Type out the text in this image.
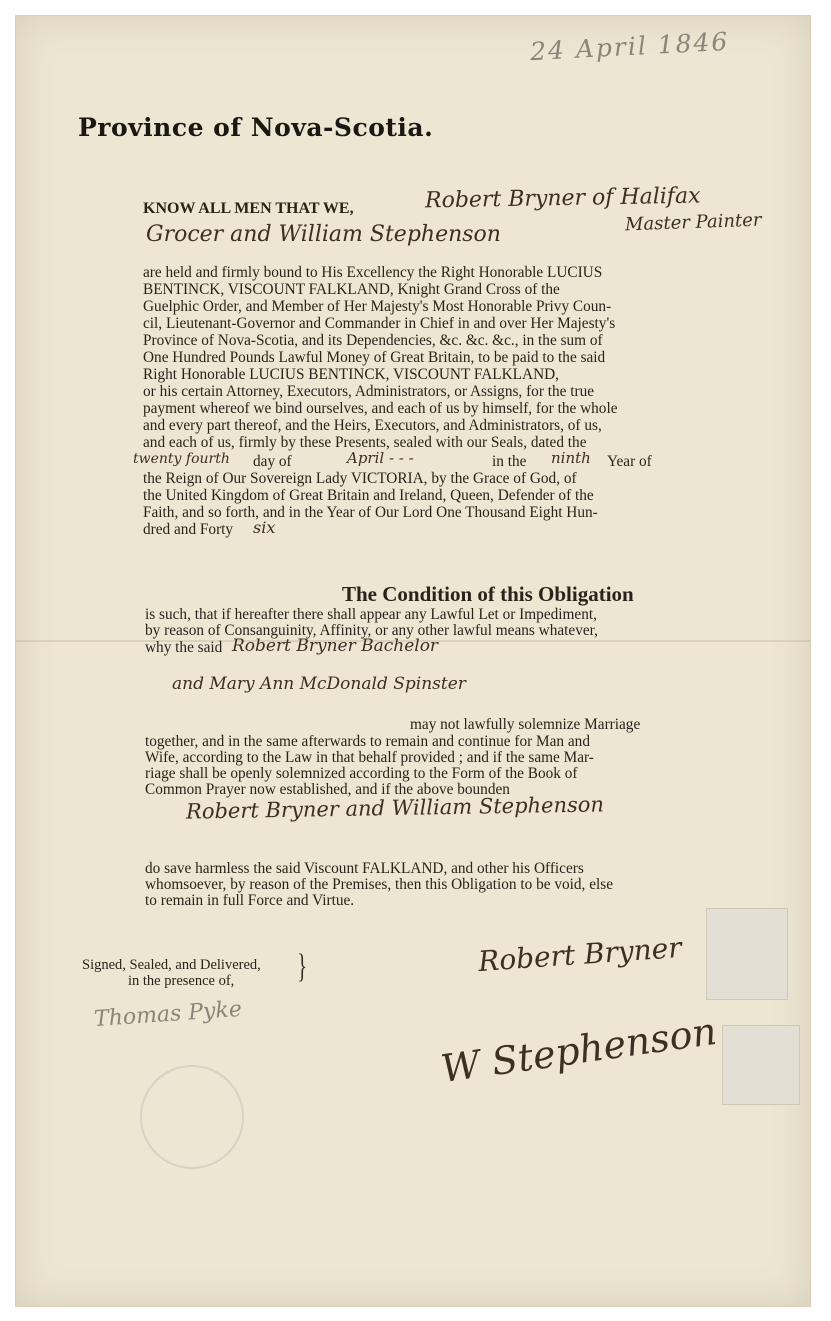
24 April 1846
Province of Nova-Scotia.
KNOW ALL MEN THAT WE,	Robert Bryner of Halifax
Grocer and William Stephenson	Master Painter
are held and firmly bound to His Excellency the Right Honorable LUCIUS
BENTINCK, VISCOUNT FALKLAND, Knight Grand Cross of the
Guelphic Order, and Member of Her Majesty's Most Honorable Privy Coun-
cil, Lieutenant-Governor and Commander in Chief in and over Her Majesty's
Province of Nova-Scotia, and its Dependencies, &c. &c. &c., in the sum of
One Hundred Pounds Lawful Money of Great Britain, to be paid to the said
Right Honorable LUCIUS BENTINCK, VISCOUNT FALKLAND,
or his certain Attorney, Executors, Administrators, or Assigns, for the true
payment whereof we bind ourselves, and each of us by himself, for the whole
and every part thereof, and the Heirs, Executors, and Administrators, of us,
and each of us, firmly by these Presents, sealed with our Seals, dated the
twenty fourth day of	April - - -	in the ninth Year of
the Reign of Our Sovereign Lady VICTORIA, by the Grace of God, of
the United Kingdom of Great Britain and Ireland, Queen, Defender of the
Faith, and so forth, and in the Year of Our Lord One Thousand Eight Hun-
dred and Forty six
The Condition of this Obligation
is such, that if hereafter there shall appear any Lawful Let or Impediment,
by reason of Consanguinity, Affinity, or any other lawful means whatever,
why the said Robert Bryner Bachelor
and Mary Ann McDonald Spinster
may not lawfully solemnize Marriage
together, and in the same afterwards to remain and continue for Man and
Wife, according to the Law in that behalf provided ; and if the same Mar-
riage shall be openly solemnized according to the Form of the Book of
Common Prayer now established, and if the above bounden
Robert Bryner and William Stephenson
do save harmless the said Viscount FALKLAND, and other his Officers
whomsoever, by reason of the Premises, then this Obligation to be void, else
to remain in full Force and Virtue.
Signed, Sealed, and Delivered,
in the presence of, }
Thomas Pyke
Robert Bryner
W Stephenson
